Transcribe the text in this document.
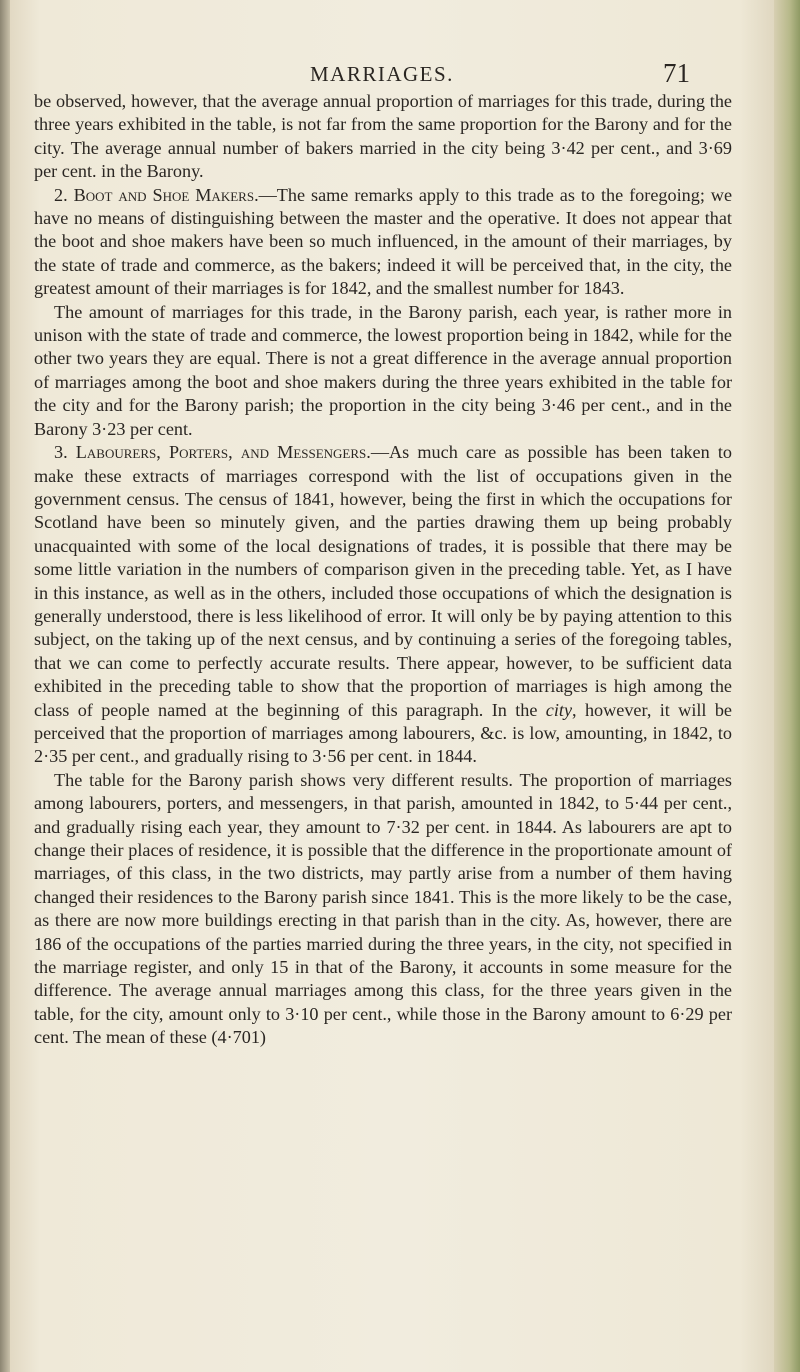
MARRIAGES.	71

be observed, however, that the average annual proportion of marriages for this trade, during the three years exhibited in the table, is not far from the same proportion for the Barony and for the city. The average annual number of bakers married in the city being 3·42 per cent., and 3·69 per cent. in the Barony.

2. Boot and Shoe Makers.—The same remarks apply to this trade as to the foregoing; we have no means of distinguishing between the master and the operative. It does not appear that the boot and shoe makers have been so much influenced, in the amount of their marriages, by the state of trade and commerce, as the bakers; indeed it will be perceived that, in the city, the greatest amount of their marriages is for 1842, and the smallest number for 1843.

The amount of marriages for this trade, in the Barony parish, each year, is rather more in unison with the state of trade and commerce, the lowest proportion being in 1842, while for the other two years they are equal. There is not a great difference in the average annual proportion of marriages among the boot and shoe makers during the three years exhibited in the table for the city and for the Barony parish; the proportion in the city being 3·46 per cent., and in the Barony 3·23 per cent.

3. Labourers, Porters, and Messengers.—As much care as possible has been taken to make these extracts of marriages correspond with the list of occupations given in the government census. The census of 1841, however, being the first in which the occupations for Scotland have been so minutely given, and the parties drawing them up being probably unacquainted with some of the local designations of trades, it is possible that there may be some little variation in the numbers of comparison given in the preceding table. Yet, as I have in this instance, as well as in the others, included those occupations of which the designation is generally understood, there is less likelihood of error. It will only be by paying attention to this subject, on the taking up of the next census, and by continuing a series of the foregoing tables, that we can come to perfectly accurate results. There appear, however, to be sufficient data exhibited in the preceding table to show that the proportion of marriages is high among the class of people named at the beginning of this paragraph. In the city, however, it will be perceived that the proportion of marriages among labourers, &c. is low, amounting, in 1842, to 2·35 per cent., and gradually rising to 3·56 per cent. in 1844.

The table for the Barony parish shows very different results. The proportion of marriages among labourers, porters, and messengers, in that parish, amounted in 1842, to 5·44 per cent., and gradually rising each year, they amount to 7·32 per cent. in 1844. As labourers are apt to change their places of residence, it is possible that the difference in the proportionate amount of marriages, of this class, in the two districts, may partly arise from a number of them having changed their residences to the Barony parish since 1841. This is the more likely to be the case, as there are now more buildings erecting in that parish than in the city. As, however, there are 186 of the occupations of the parties married during the three years, in the city, not specified in the marriage register, and only 15 in that of the Barony, it accounts in some measure for the difference. The average annual marriages among this class, for the three years given in the table, for the city, amount only to 3·10 per cent., while those in the Barony amount to 6·29 per cent. The mean of these (4·701)
